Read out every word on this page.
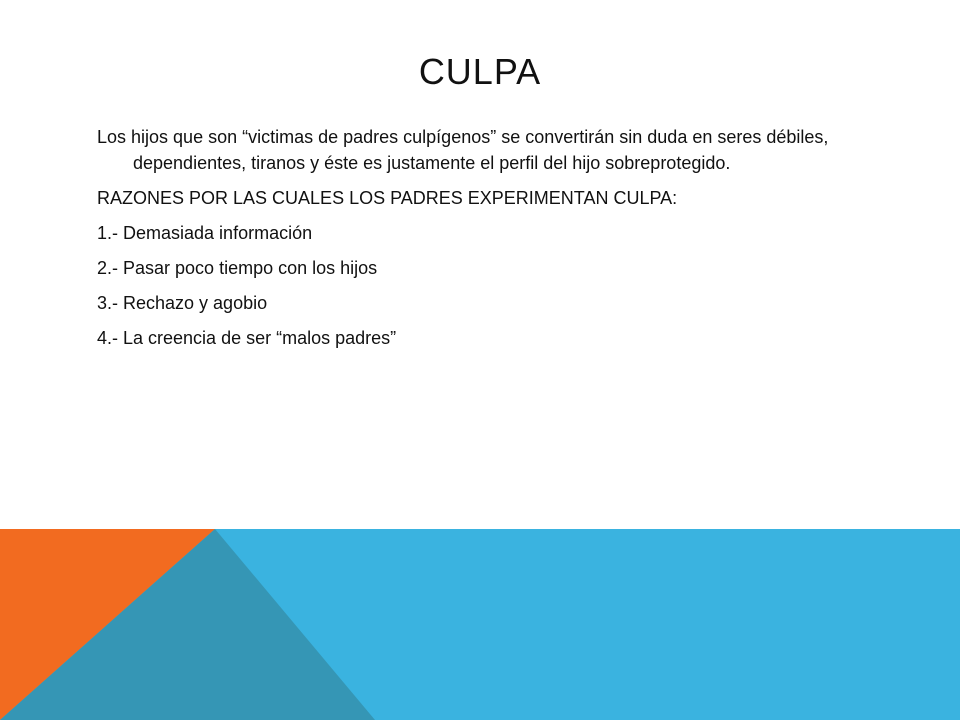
CULPA

Los hijos que son “victimas de padres culpígenos” se convertirán sin duda en seres débiles, dependientes, tiranos y éste es justamente el perfil del hijo sobreprotegido.

RAZONES POR LAS CUALES LOS PADRES EXPERIMENTAN CULPA:

1.- Demasiada información

2.- Pasar poco tiempo con los hijos

3.- Rechazo y agobio

4.- La creencia de ser “malos padres”
